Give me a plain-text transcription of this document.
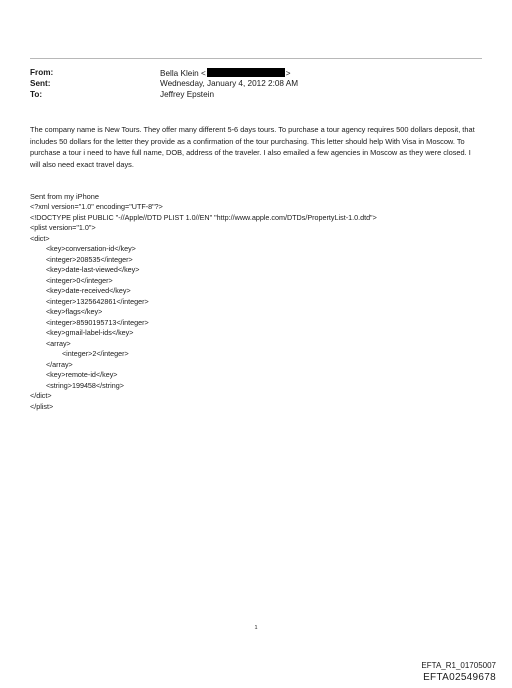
From:	Bella Klein <	>
Sent:	Wednesday, January 4, 2012 2:08 AM
To:	Jeffrey Epstein

The company name is New Tours. They offer many different 5-6 days tours. To purchase a tour agency requires 500 dollars deposit, that includes 50 dollars for the letter they provide as a confirmation of the tour purchasing. This letter should help With Visa in Moscow. To purchase a tour i need to have full name, DOB, address of the traveler. I also emailed a few agencies in Moscow as they were closed. I will also need exact travel days.

Sent from my iPhone
<?xml version="1.0" encoding="UTF-8"?>
<!DOCTYPE plist PUBLIC "-//Apple//DTD PLIST 1.0//EN" "http://www.apple.com/DTDs/PropertyList-1.0.dtd">
<plist version="1.0">
<dict>
<key>conversation-id</key>
<integer>208535</integer>
<key>date-last-viewed</key>
<integer>0</integer>
<key>date-received</key>
<integer>1325642861</integer>
<key>flags</key>
<integer>8590195713</integer>
<key>gmail-label-ids</key>
<array>
<integer>2</integer>
</array>
<key>remote-id</key>
<string>199458</string>
</dict>
</plist>
1
EFTA_R1_01705007
EFTA02549678
